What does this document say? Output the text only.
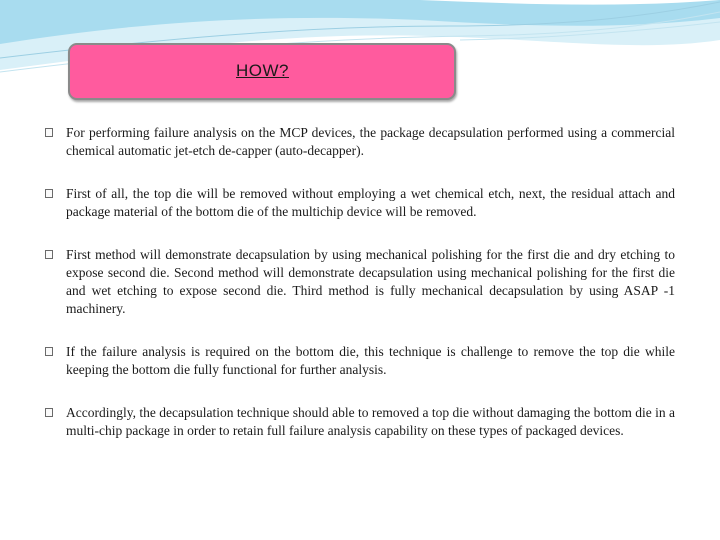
HOW?
For performing failure analysis on the MCP devices, the package decapsulation performed using a commercial chemical automatic jet-etch de-capper (auto-decapper).
First of all, the top die will be removed without employing a wet chemical etch, next, the residual attach and package material of the bottom die of the multichip device will be removed.
First method will demonstrate decapsulation by using mechanical polishing for the first die and dry etching to expose second die. Second method will demonstrate decapsulation using mechanical polishing for the first die and wet etching to expose second die. Third method is fully mechanical decapsulation by using ASAP -1 machinery.
If the failure analysis is required on the bottom die, this technique is challenge to remove the top die while keeping the bottom die fully functional for further analysis.
Accordingly, the decapsulation technique should able to removed a top die without damaging the bottom die in a multi-chip package in order to retain full failure analysis capability on these types of packaged devices.
